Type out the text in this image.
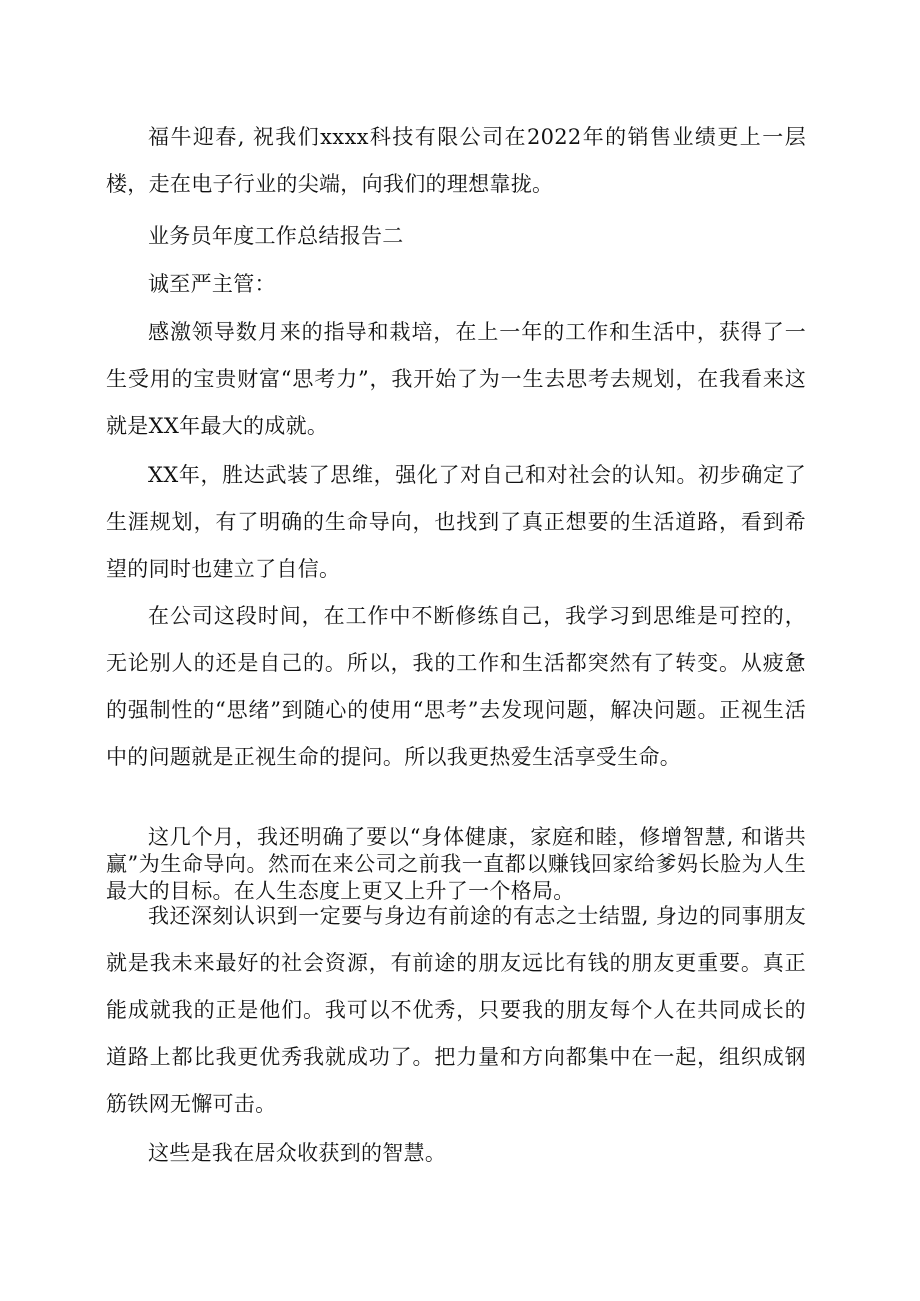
福牛迎春, 祝我们xxxx科技有限公司在2022年的销售业绩更上一层楼，走在电子行业的尖端，向我们的理想靠拢。

业务员年度工作总结报告二

诚至严主管：

感激领导数月来的指导和栽培，在上一年的工作和生活中，获得了一生受用的宝贵财富“思考力”，我开始了为一生去思考去规划，在我看来这就是XX年最大的成就。

XX年，胜达武装了思维，强化了对自己和对社会的认知。初步确定了生涯规划，有了明确的生命导向，也找到了真正想要的生活道路，看到希望的同时也建立了自信。

在公司这段时间，在工作中不断修练自己，我学习到思维是可控的，无论别人的还是自己的。所以，我的工作和生活都突然有了转变。从疲惫的强制性的“思绪”到随心的使用“思考”去发现问题，解决问题。正视生活中的问题就是正视生命的提问。所以我更热爱生活享受生命。

这几个月，我还明确了要以“身体健康，家庭和睦，修增智慧, 和谐共赢”为生命导向。然而在来公司之前我一直都以赚钱回家给爹妈长脸为人生最大的目标。在人生态度上更又上升了一个格局。

我还深刻认识到一定要与身边有前途的有志之士结盟, 身边的同事朋友就是我未来最好的社会资源，有前途的朋友远比有钱的朋友更重要。真正能成就我的正是他们。我可以不优秀，只要我的朋友每个人在共同成长的道路上都比我更优秀我就成功了。把力量和方向都集中在一起，组织成钢筋铁网无懈可击。

这些是我在居众收获到的智慧。
